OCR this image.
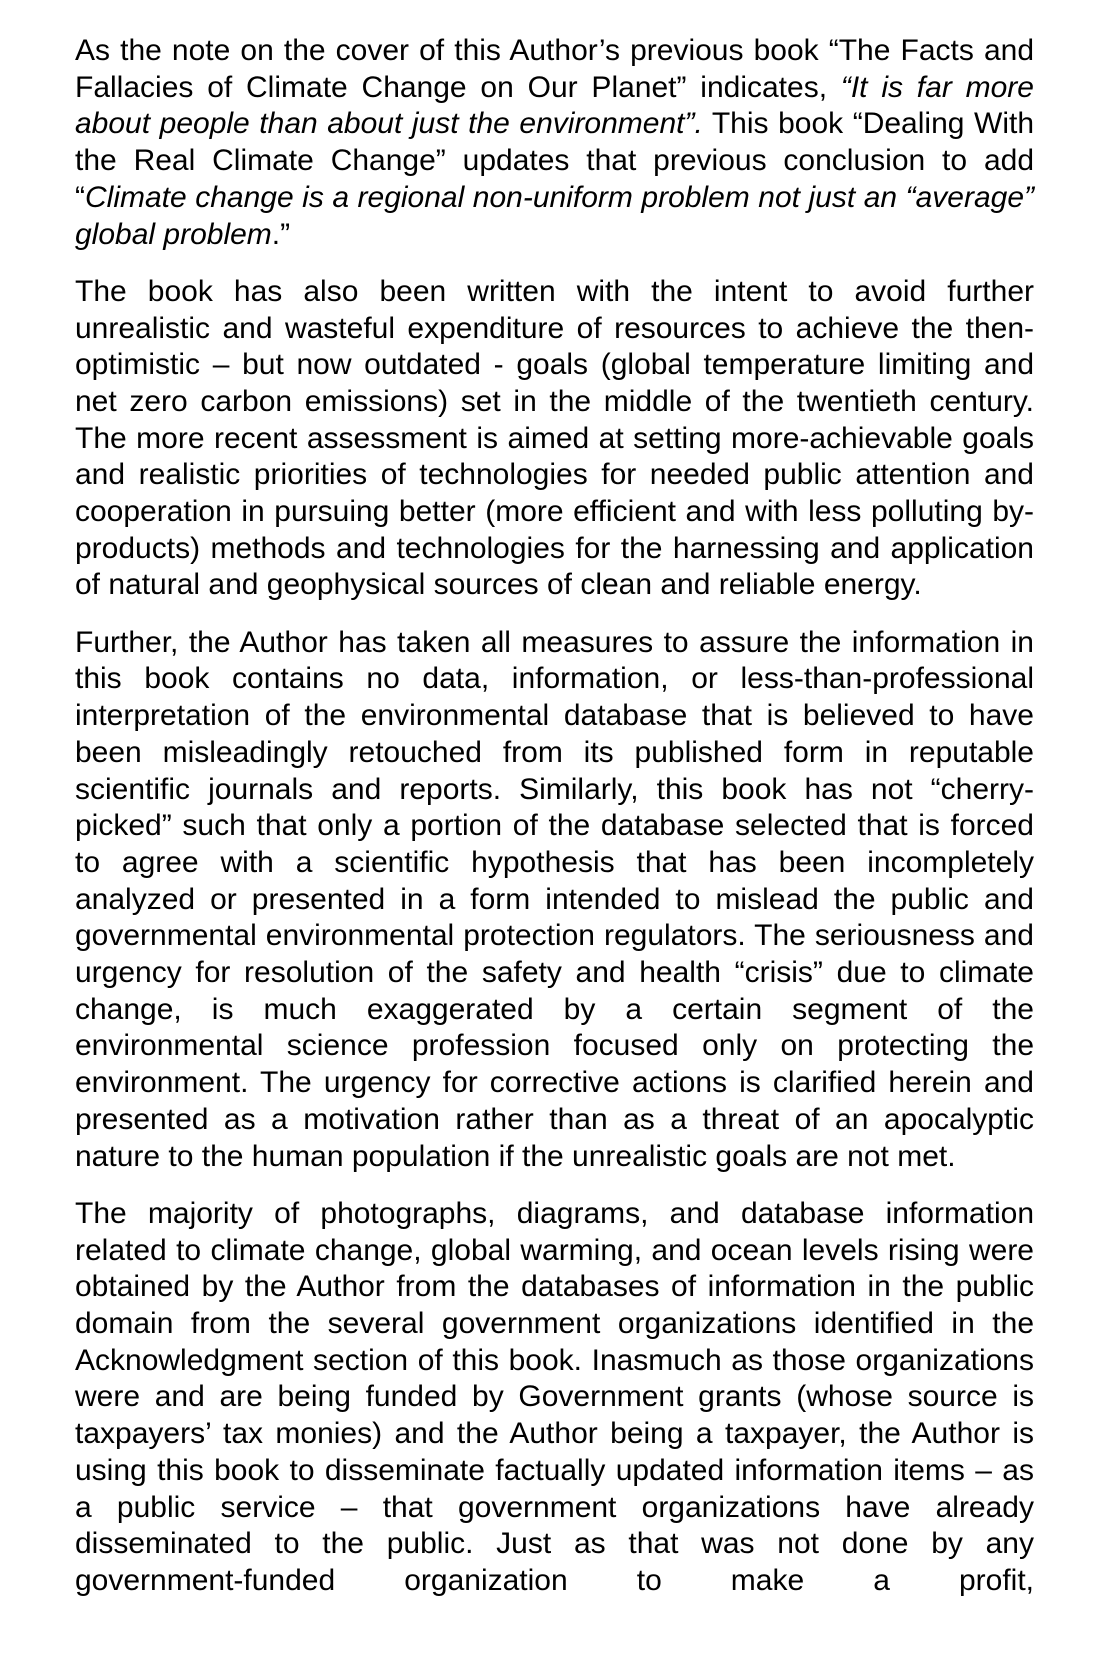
As the note on the cover of this Author’s previous book “The Facts and Fallacies of Climate Change on Our Planet” indicates, “It is far more about people than about just the environment”. This book “Dealing With the Real Climate Change” updates that previous conclusion to add “Climate change is a regional non-uniform problem not just an “average” global problem.”

The book has also been written with the intent to avoid further unrealistic and wasteful expenditure of resources to achieve the then-optimistic – but now outdated - goals (global temperature limiting and net zero carbon emissions) set in the middle of the twentieth century. The more recent assessment is aimed at setting more-achievable goals and realistic priorities of technologies for needed public attention and cooperation in pursuing better (more efficient and with less polluting by-products) methods and technologies for the harnessing and application of natural and geophysical sources of clean and reliable energy.

Further, the Author has taken all measures to assure the information in this book contains no data, information, or less-than-professional interpretation of the environmental database that is believed to have been misleadingly retouched from its published form in reputable scientific journals and reports. Similarly, this book has not “cherry-picked” such that only a portion of the database selected that is forced to agree with a scientific hypothesis that has been incompletely analyzed or presented in a form intended to mislead the public and governmental environmental protection regulators. The seriousness and urgency for resolution of the safety and health “crisis” due to climate change, is much exaggerated by a certain segment of the environmental science profession focused only on protecting the environment. The urgency for corrective actions is clarified herein and presented as a motivation rather than as a threat of an apocalyptic nature to the human population if the unrealistic goals are not met.

The majority of photographs, diagrams, and database information related to climate change, global warming, and ocean levels rising were obtained by the Author from the databases of information in the public domain from the several government organizations identified in the Acknowledgment section of this book. Inasmuch as those organizations were and are being funded by Government grants (whose source is taxpayers’ tax monies) and the Author being a taxpayer, the Author is using this book to disseminate factually updated information items – as a public service – that government organizations have already disseminated to the public. Just as that was not done by any government-funded organization to make a profit,
